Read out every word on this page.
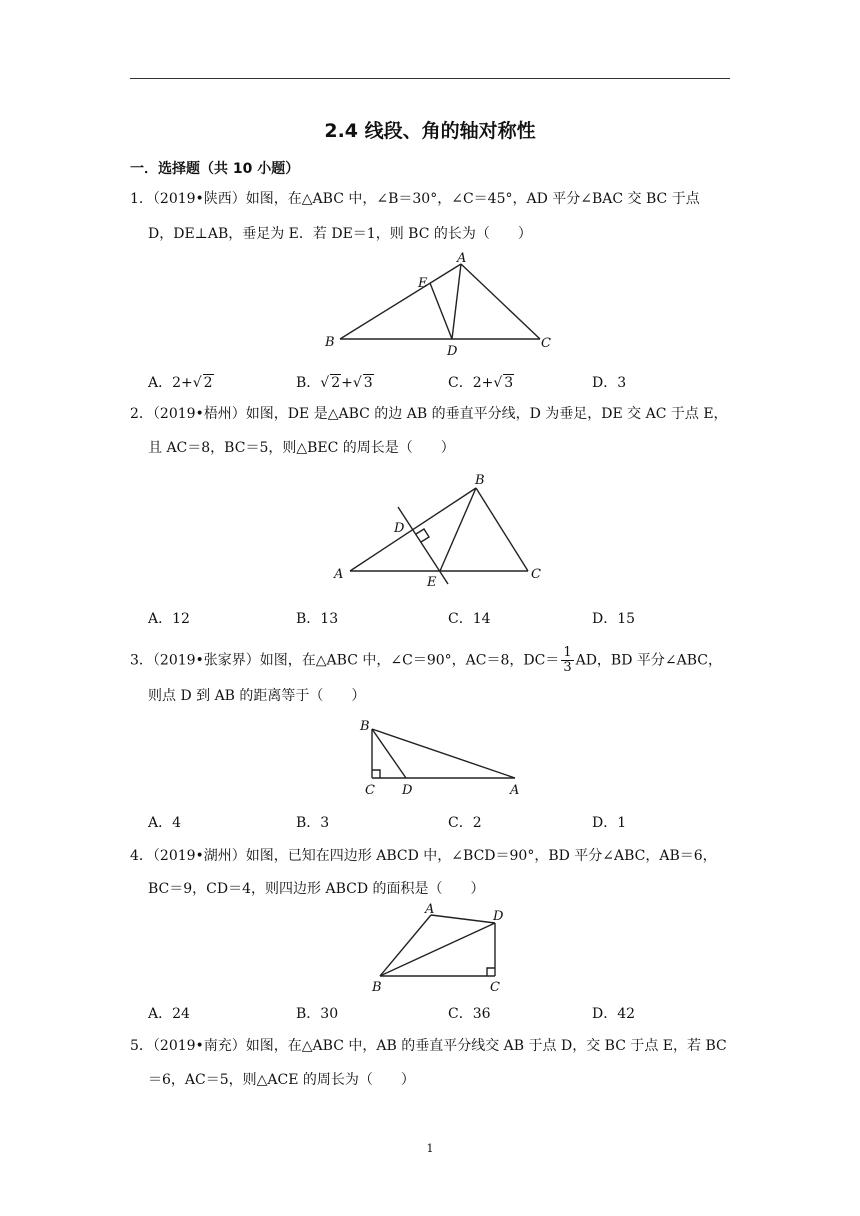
2.4 线段、角的轴对称性
一．选择题（共 10 小题）
1．（2019•陕西）如图，在△ABC 中，∠B＝30°，∠C＝45°，AD 平分∠BAC 交 BC 于点
D，DE⊥AB，垂足为 E．若 DE＝1，则 BC 的长为（　　）
A
B	C
D
E
A．2+√ 2	B．√ 2+√ 3	C．2+√ 3	D．3
2．（2019•梧州）如图，DE 是△ABC 的边 AB 的垂直平分线，D 为垂足，DE 交 AC 于点 E，
且 AC＝8，BC＝5，则△BEC 的周长是（　　）
B
D
A
E
C
A．12	B．13	C．14	D．15
3．（2019•张家界）如图，在△ABC 中，∠C＝90°，AC＝8，$DC= \frac{1}{3}$ AD，BD 平分∠ABC，
则点 D 到 AB 的距离等于（　　）
B
C D	A
A．4	B．3	C．2	D．1
4．（2019•湖州）如图，已知在四边形 ABCD 中，∠BCD＝90°，BD 平分∠ABC，AB＝6，
BC＝9，CD＝4，则四边形 ABCD 的面积是（　　）
A	D
B	C
A．24	B．30	C．36	D．42
5．（2019•南充）如图，在△ABC 中，AB 的垂直平分线交 AB 于点 D，交 BC 于点 E，若 BC
＝6，AC＝5，则△ACE 的周长为（　　）
1
